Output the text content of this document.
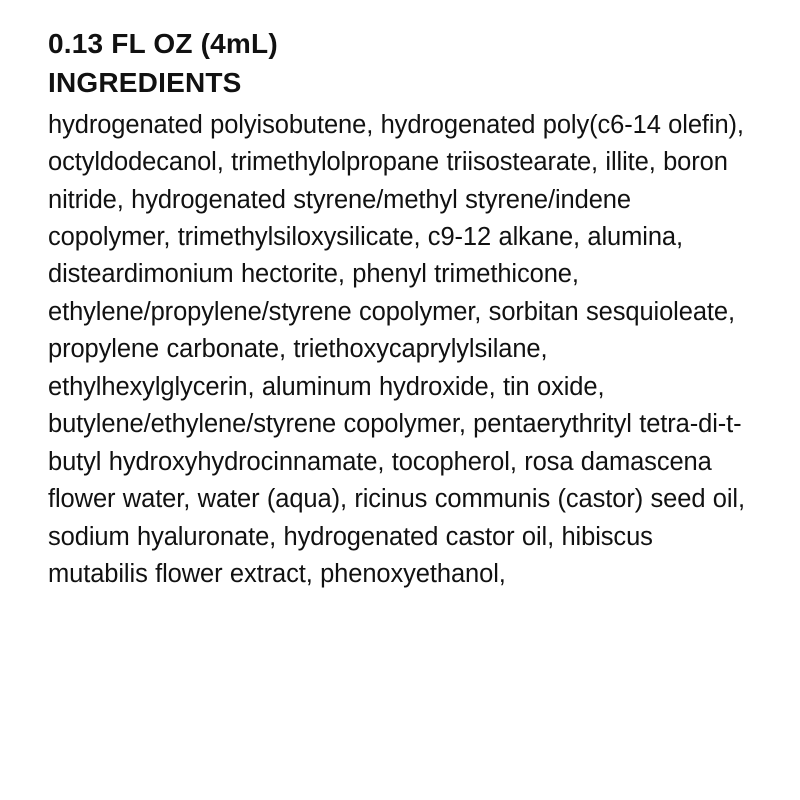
0.13 FL OZ (4mL)

INGREDIENTS

hydrogenated polyisobutene, hydrogenated poly(c6-14 olefin), octyldodecanol, trimethylolpropane triisostearate, illite, boron nitride, hydrogenated styrene/methyl styrene/indene copolymer, trimethylsiloxysilicate, c9-12 alkane, alumina, disteardimonium hectorite, phenyl trimethicone, ethylene/propylene/styrene copolymer, sorbitan sesquioleate, propylene carbonate, triethoxycaprylylsilane, ethylhexylglycerin, aluminum hydroxide, tin oxide, butylene/ethylene/styrene copolymer, pentaerythrityl tetra-di-t-butyl hydroxyhydrocinnamate, tocopherol, rosa damascena flower water, water (aqua), ricinus communis (castor) seed oil, sodium hyaluronate, hydrogenated castor oil, hibiscus mutabilis flower extract, phenoxyethanol,
